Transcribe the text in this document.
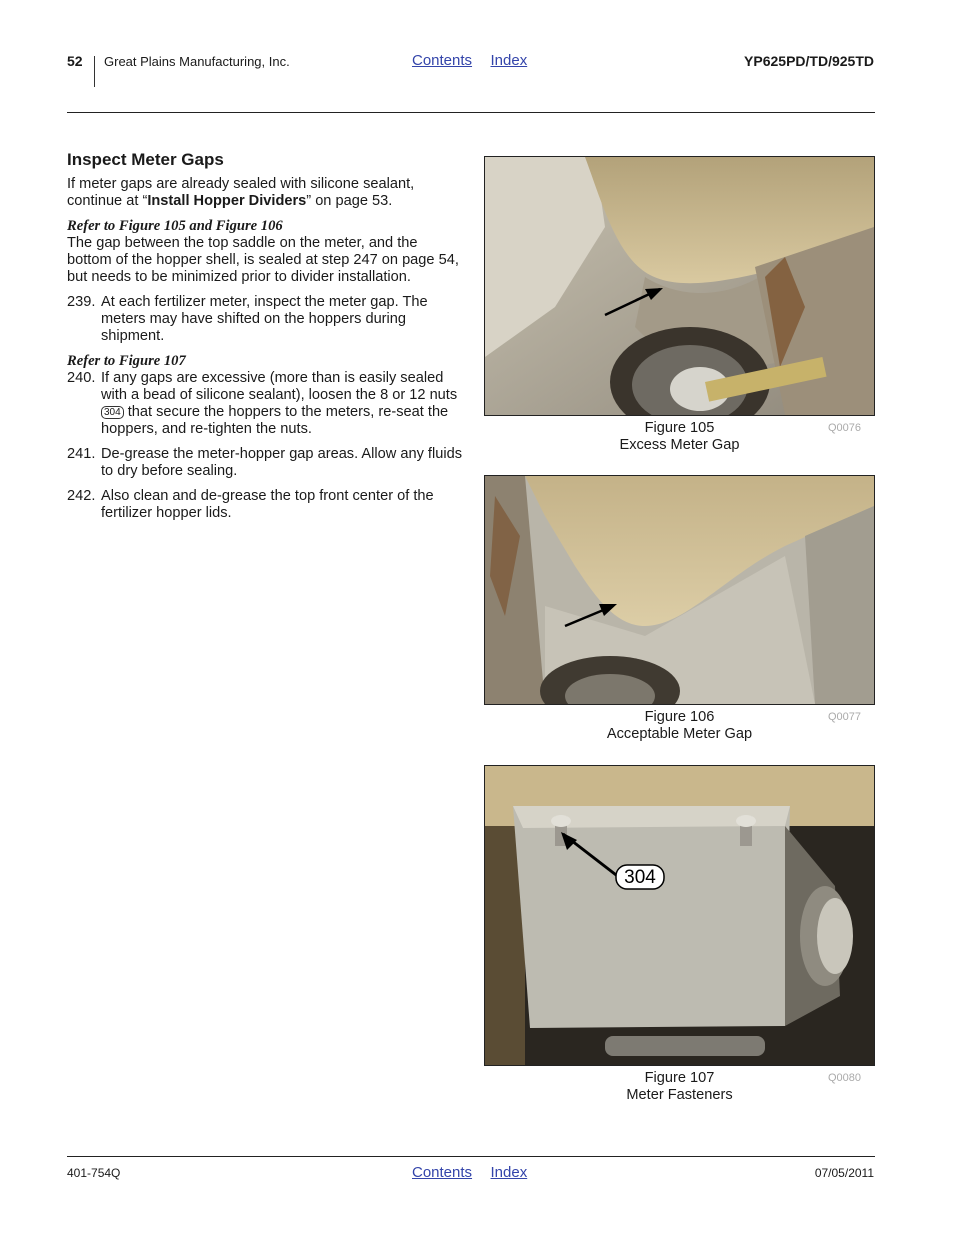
52 Great Plains Manufacturing, Inc.	Contents Index	YP625PD/TD/925TD
Inspect Meter Gaps

If meter gaps are already sealed with silicone sealant, continue at “Install Hopper Dividers” on page 53.

Refer to Figure 105 and Figure 106

The gap between the top saddle on the meter, and the bottom of the hopper shell, is sealed at step 247 on page 54, but needs to be minimized prior to divider installation.

239. At each fertilizer meter, inspect the meter gap. The meters may have shifted on the hoppers during shipment.

Refer to Figure 107

240. If any gaps are excessive (more than is easily sealed with a bead of silicone sealant), loosen the 8 or 12 nuts 304 that secure the hoppers to the meters, re-seat the hoppers, and re-tighten the nuts.
241. De-grease the meter-hopper gap areas. Allow any fluids to dry before sealing.
242. Also clean and de-grease the top front center of the fertilizer hopper lids.
Figure 105
Excess Meter Gap
Q0076
Figure 106
Acceptable Meter Gap
Q0077
304
Figure 107
Meter Fasteners
Q0080
401-754Q	Contents Index	07/05/2011
